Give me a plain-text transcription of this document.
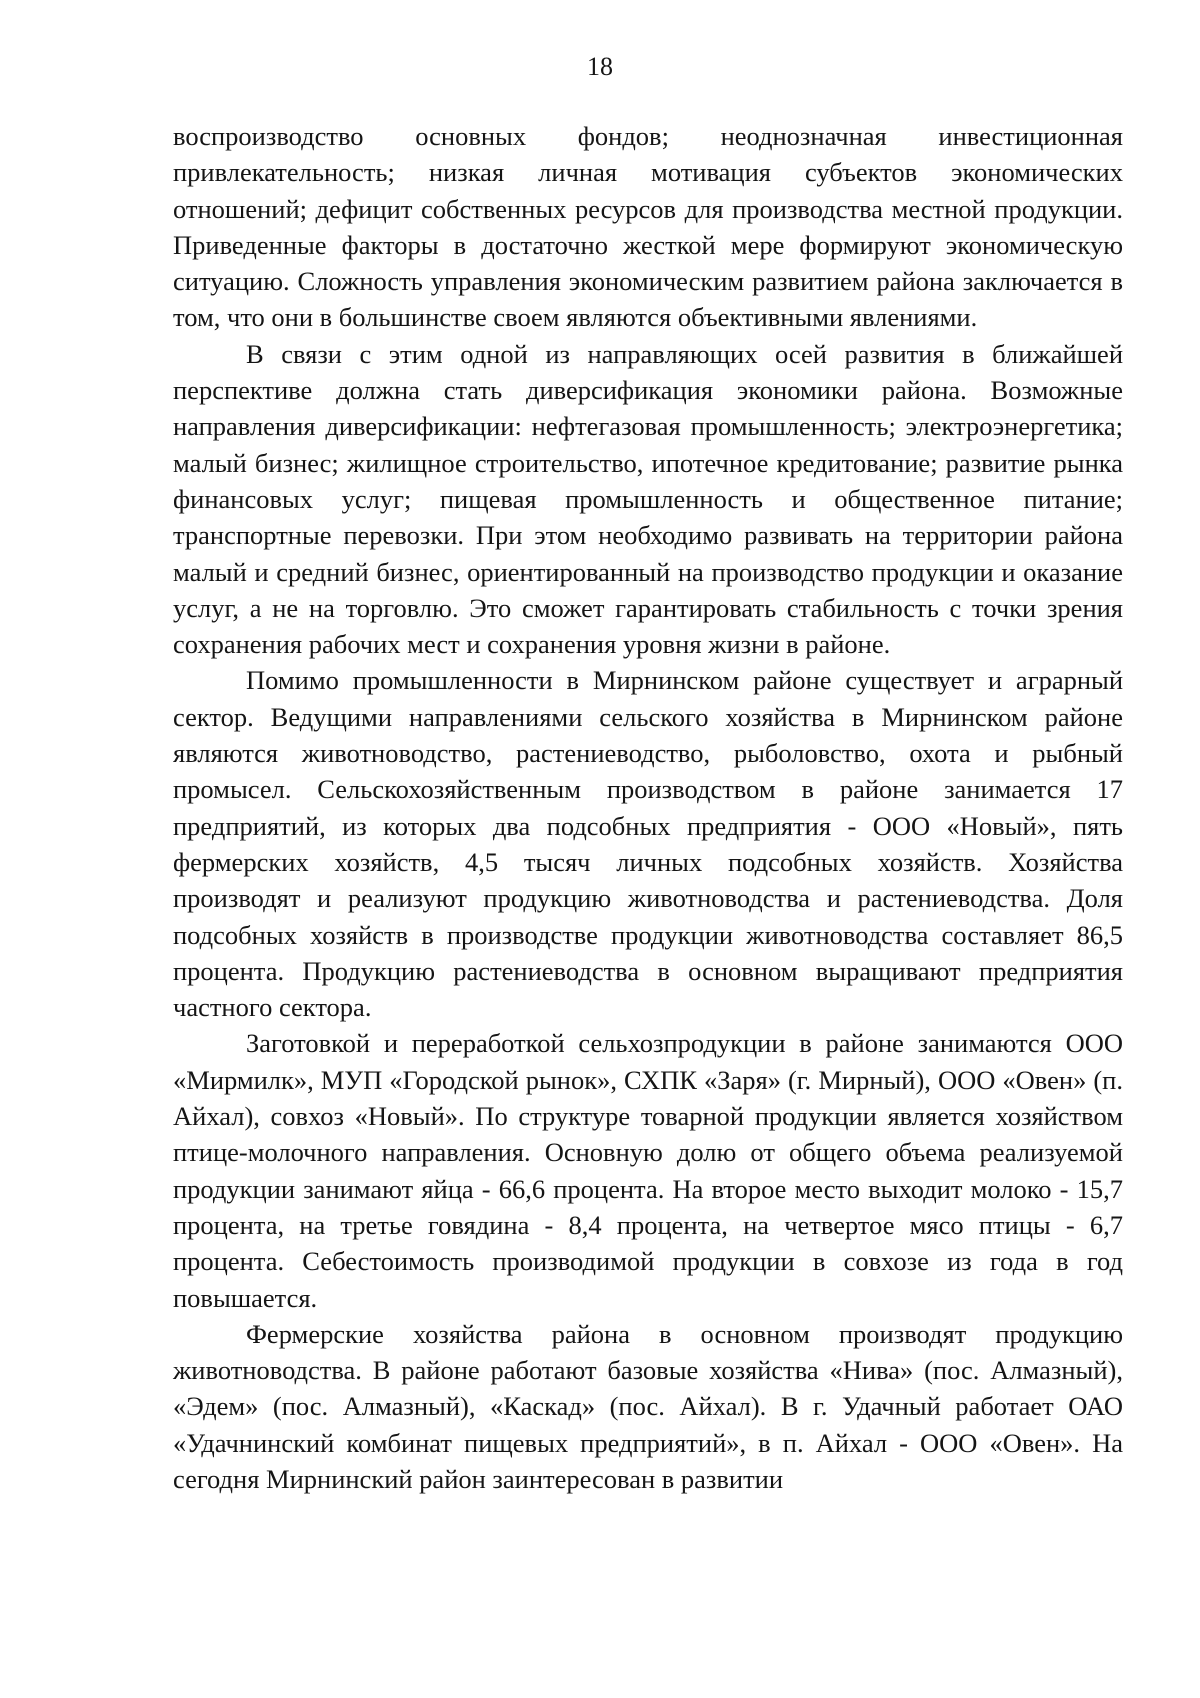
18

воспроизводство основных фондов; неоднозначная инвестиционная привлекательность; низкая личная мотивация субъектов экономических отношений; дефицит собственных ресурсов для производства местной продукции. Приведенные факторы в достаточно жесткой мере формируют экономическую ситуацию. Сложность управления экономическим развитием района заключается в том, что они в большинстве своем являются объективными явлениями.

В связи с этим одной из направляющих осей развития в ближайшей перспективе должна стать диверсификация экономики района. Возможные направления диверсификации: нефтегазовая промышленность; электроэнергетика; малый бизнес; жилищное строительство, ипотечное кредитование; развитие рынка финансовых услуг; пищевая промышленность и общественное питание; транспортные перевозки. При этом необходимо развивать на территории района малый и средний бизнес, ориентированный на производство продукции и оказание услуг, а не на торговлю. Это сможет гарантировать стабильность с точки зрения сохранения рабочих мест и сохранения уровня жизни в районе.

Помимо промышленности в Мирнинском районе существует и аграрный сектор. Ведущими направлениями сельского хозяйства в Мирнинском районе являются животноводство, растениеводство, рыболовство, охота и рыбный промысел. Сельскохозяйственным производством в районе занимается 17 предприятий, из которых два подсобных предприятия - ООО «Новый», пять фермерских хозяйств, 4,5 тысяч личных подсобных хозяйств. Хозяйства производят и реализуют продукцию животноводства и растениеводства. Доля подсобных хозяйств в производстве продукции животноводства составляет 86,5 процента. Продукцию растениеводства в основном выращивают предприятия частного сектора.

Заготовкой и переработкой сельхозпродукции в районе занимаются ООО «Мирмилк», МУП «Городской рынок», СХПК «Заря» (г. Мирный), ООО «Овен» (п. Айхал), совхоз «Новый». По структуре товарной продукции является хозяйством птице-молочного направления. Основную долю от общего объема реализуемой продукции занимают яйца - 66,6 процента. На второе место выходит молоко - 15,7 процента, на третье говядина - 8,4 процента, на четвертое мясо птицы - 6,7 процента. Себестоимость производимой продукции в совхозе из года в год повышается.

Фермерские хозяйства района в основном производят продукцию животноводства. В районе работают базовые хозяйства «Нива» (пос. Алмазный), «Эдем» (пос. Алмазный), «Каскад» (пос. Айхал). В г. Удачный работает ОАО «Удачнинский комбинат пищевых предприятий», в п. Айхал - ООО «Овен». На сегодня Мирнинский район заинтересован в развитии
